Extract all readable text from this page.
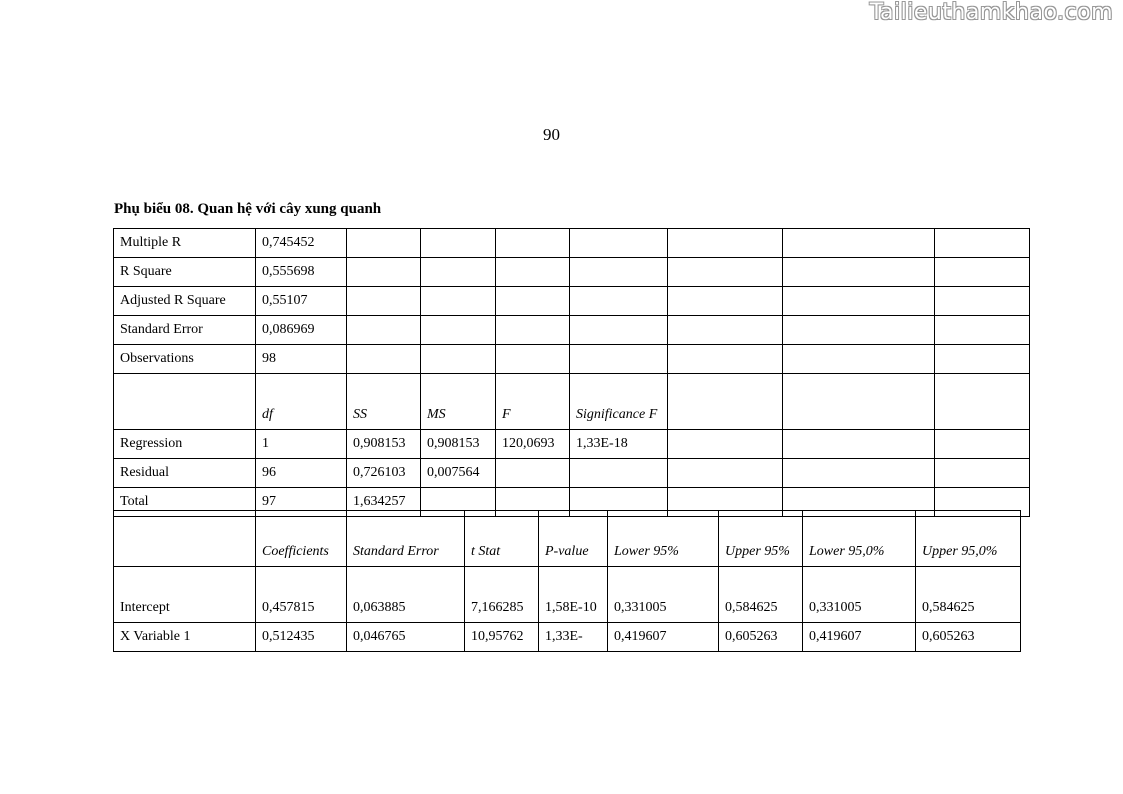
Tailieuthamkhao.com
90
Phụ biểu 08. Quan hệ với cây xung quanh
Multiple R	0,745452							
R Square	0,555698							
Adjusted R Square	0,55107							
Standard Error	0,086969							
Observations	98							
	df	SS	MS	F	Significance F			
Regression	1	0,908153	0,908153	120,0693	1,33E-18			
Residual	96	0,726103	0,007564					
Total	97	1,634257						
	Coefficients	Standard Error	t Stat	P-value	Lower 95%	Upper 95%	Lower 95,0%	Upper 95,0%
Intercept	0,457815	0,063885	7,166285	1,58E-10	0,331005	0,584625	0,331005	0,584625
X Variable 1	0,512435	0,046765	10,95762	1,33E-	0,419607	0,605263	0,419607	0,605263
